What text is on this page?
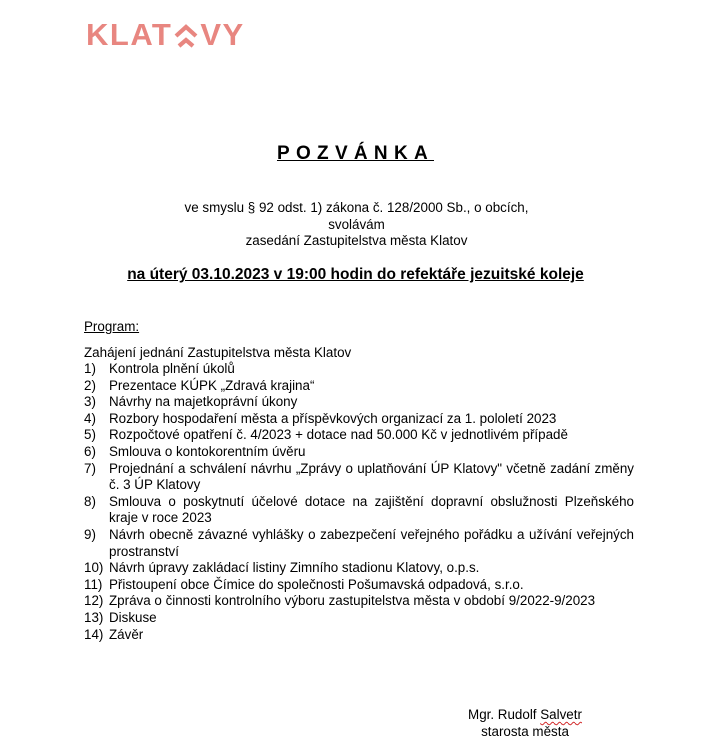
KLAT VY
POZVÁNKA
ve smyslu § 92 odst. 1) zákona č. 128/2000 Sb., o obcích,
svolávám
zasedání Zastupitelstva města Klatov
na úterý 03.10.2023 v 19:00 hodin do refektáře jezuitské koleje
Program:
Zahájení jednání Zastupitelstva města Klatov
1) Kontrola plnění úkolů
2) Prezentace KÚPK „Zdravá krajina“
3) Návrhy na majetkoprávní úkony
4) Rozbory hospodaření města a příspěvkových organizací za 1. pololetí 2023
5) Rozpočtové opatření č. 4/2023 + dotace nad 50.000 Kč v jednotlivém případě
6) Smlouva o kontokorentním úvěru
7) Projednání a schválení návrhu „Zprávy o uplatňování ÚP Klatovy" včetně zadání změny č. 3 ÚP Klatovy
8) Smlouva o poskytnutí účelové dotace na zajištění dopravní obslužnosti Plzeňského kraje v roce 2023
9) Návrh obecně závazné vyhlášky o zabezpečení veřejného pořádku a užívání veřejných prostranství
10) Návrh úpravy zakládací listiny Zimního stadionu Klatovy, o.p.s.
11) Přistoupení obce Čímice do společnosti Pošumavská odpadová, s.r.o.
12) Zpráva o činnosti kontrolního výboru zastupitelstva města v období 9/2022-9/2023
13) Diskuse
14) Závěr
Mgr. Rudolf Salvetr
starosta města
